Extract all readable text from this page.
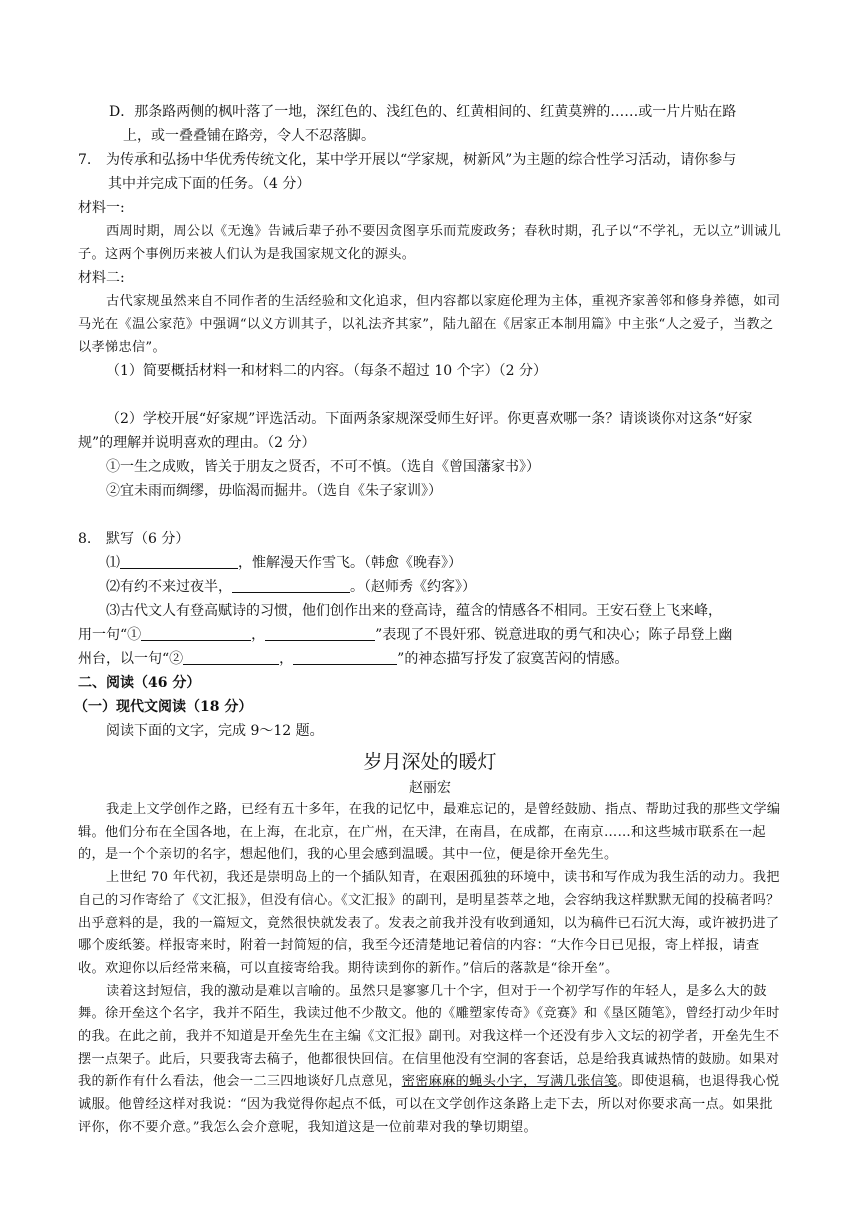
D．那条路两侧的枫叶落了一地，深红色的、浅红色的、红黄相间的、红黄莫辨的……或一片片贴在路
上，或一叠叠铺在路旁，令人不忍落脚。

7. 为传承和弘扬中华优秀传统文化，某中学开展以“学家规，树新风”为主题的综合性学习活动，请你参与
其中并完成下面的任务。（4 分）

材料一:

西周时期，周公以《无逸》告诫后辈子孙不要因贪图享乐而荒废政务；春秋时期，孔子以“不学礼，无以立”训诫儿子。这两个事例历来被人们认为是我国家规文化的源头。

材料二:

古代家规虽然来自不同作者的生活经验和文化追求，但内容都以家庭伦理为主体，重视齐家善邻和修身养德，如司马光在《温公家范》中强调“以义方训其子，以礼法齐其家”，陆九韶在《居家正本制用篇》中主张“人之爱子，当教之以孝悌忠信”。

（1）简要概括材料一和材料二的内容。（每条不超过 10 个字）（2 分）

（2）学校开展“好家规”评选活动。下面两条家规深受师生好评。你更喜欢哪一条？请谈谈你对这条“好家规”的理解并说明喜欢的理由。（2 分）

①一生之成败，皆关于朋友之贤否，不可不慎。（选自《曾国藩家书》）

②宜未雨而绸缪，毋临渴而掘井。（选自《朱子家训》）

8. 默写（6 分）

⑴	，惟解漫天作雪飞。（韩愈《晚春》）

⑵有约不来过夜半，	。（赵师秀《约客》）

⑶古代文人有登高赋诗的习惯，他们创作出来的登高诗，蕴含的情感各不相同。王安石登上飞来峰，

用一句“①	，	”表现了不畏奸邪、锐意进取的勇气和决心；陈子昂登上幽

州台，以一句“②	，	”的神态描写抒发了寂寞苦闷的情感。

二、阅读（46 分）

（一）现代文阅读（18 分）

阅读下面的文字，完成 9～12 题。

岁月深处的暖灯
赵丽宏

我走上文学创作之路，已经有五十多年，在我的记忆中，最难忘记的，是曾经鼓励、指点、帮助过我的那些文学编辑。他们分布在全国各地，在上海，在北京，在广州，在天津，在南昌，在成都，在南京……和这些城市联系在一起的，是一个个亲切的名字，想起他们，我的心里会感到温暖。其中一位，便是徐开垒先生。

上世纪 70 年代初，我还是崇明岛上的一个插队知青，在艰困孤独的环境中，读书和写作成为我生活的动力。我把自己的习作寄给了《文汇报》，但没有信心。《文汇报》的副刊，是明星荟萃之地，会容纳我这样默默无闻的投稿者吗？出乎意料的是，我的一篇短文，竟然很快就发表了。发表之前我并没有收到通知，以为稿件已石沉大海，或许被扔进了哪个废纸篓。样报寄来时，附着一封简短的信，我至今还清楚地记着信的内容：“大作今日已见报，寄上样报，请查收。欢迎你以后经常来稿，可以直接寄给我。期待读到你的新作。”信后的落款是“徐开垒”。

读着这封短信，我的激动是难以言喻的。虽然只是寥寥几十个字，但对于一个初学写作的年轻人，是多么大的鼓舞。徐开垒这个名字，我并不陌生，我读过他不少散文。他的《雕塑家传奇》《竞赛》和《垦区随笔》，曾经打动少年时的我。在此之前，我并不知道是开垒先生在主编《文汇报》副刊。对我这样一个还没有步入文坛的初学者，开垒先生不摆一点架子。此后，只要我寄去稿子，他都很快回信。在信里他没有空洞的客套话，总是给我真诚热情的鼓励。如果对我的新作有什么看法，他会一二三四地谈好几点意见，密密麻麻的蝇头小字，写满几张信笺。即使退稿，也退得我心悦诚服。他曾经这样对我说：“因为我觉得你起点不低，可以在文学创作这条路上走下去，所以对你要求高一点。如果批评你，你不要介意。”我怎么会介意呢，我知道这是一位前辈对我的挚切期望。
